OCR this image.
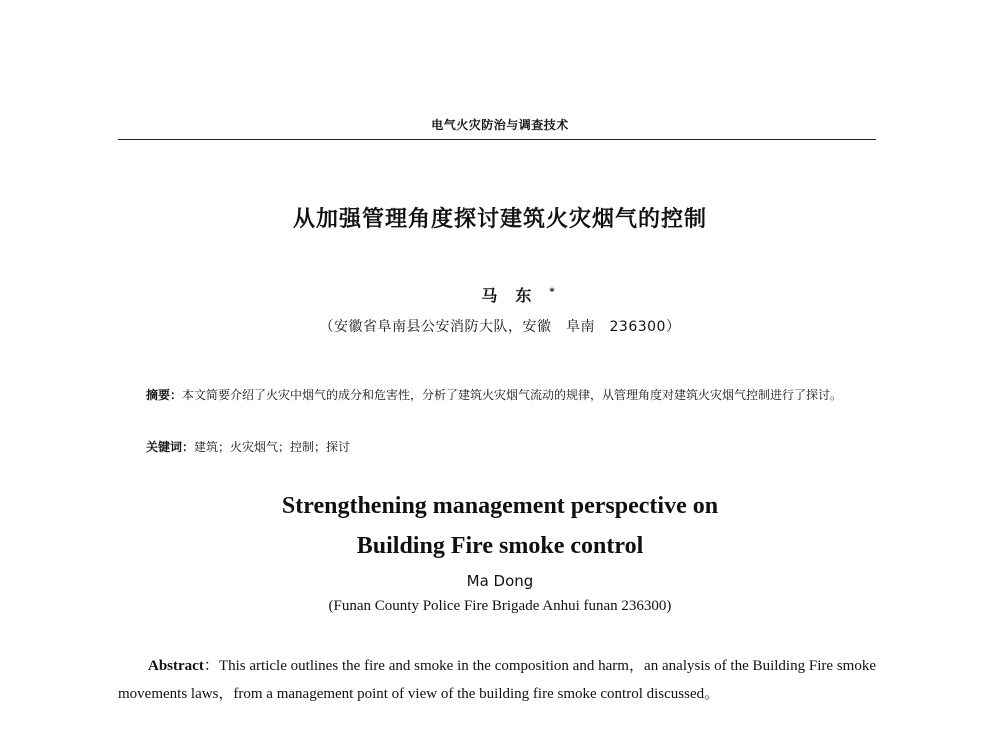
电气火灾防治与调查技术
从加强管理角度探讨建筑火灾烟气的控制
马东*
（安徽省阜南县公安消防大队，安徽　阜南　236300）
摘要：本文简要介绍了火灾中烟气的成分和危害性，分析了建筑火灾烟气流动的规律，从管理角度对建筑火灾烟气控制进行了探讨。
关键词：建筑；火灾烟气；控制；探讨
Strengthening management perspective on
Building Fire smoke control
Ma Dong
(Funan County Police Fire Brigade Anhui funan 236300)
Abstract：This article outlines the fire and smoke in the composition and harm，an analysis of the Building Fire smoke movements laws，from a management point of view of the building fire smoke control discussed。
